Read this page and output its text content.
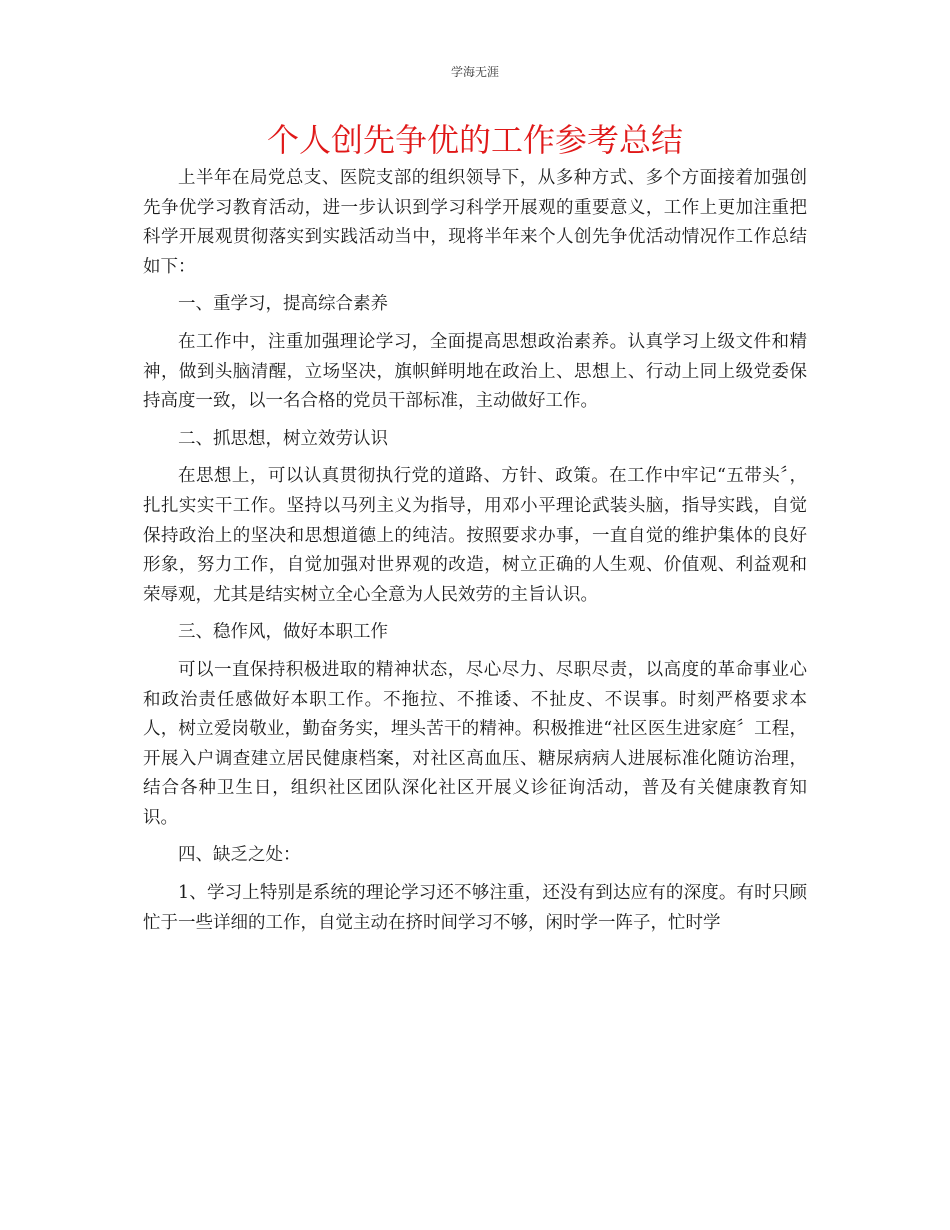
学海无涯
个人创先争优的工作参考总结

上半年在局党总支、医院支部的组织领导下，从多种方式、多个方面接着加强创先争优学习教育活动，进一步认识到学习科学开展观的重要意义，工作上更加注重把科学开展观贯彻落实到实践活动当中，现将半年来个人创先争优活动情况作工作总结如下：

一、重学习，提高综合素养

在工作中，注重加强理论学习，全面提高思想政治素养。认真学习上级文件和精神，做到头脑清醒，立场坚决，旗帜鲜明地在政治上、思想上、行动上同上级党委保持高度一致，以一名合格的党员干部标准，主动做好工作。

二、抓思想，树立效劳认识

在思想上，可以认真贯彻执行党的道路、方针、政策。在工作中牢记“五带头〞，扎扎实实干工作。坚持以马列主义为指导，用邓小平理论武装头脑，指导实践，自觉保持政治上的坚决和思想道德上的纯洁。按照要求办事，一直自觉的维护集体的良好形象，努力工作，自觉加强对世界观的改造，树立正确的人生观、价值观、利益观和荣辱观，尤其是结实树立全心全意为人民效劳的主旨认识。

三、稳作风，做好本职工作

可以一直保持积极进取的精神状态，尽心尽力、尽职尽责，以高度的革命事业心和政治责任感做好本职工作。不拖拉、不推诿、不扯皮、不误事。时刻严格要求本人，树立爱岗敬业，勤奋务实，埋头苦干的精神。积极推进“社区医生进家庭〞工程，开展入户调查建立居民健康档案，对社区高血压、糖尿病病人进展标准化随访治理，结合各种卫生日，组织社区团队深化社区开展义诊征询活动，普及有关健康教育知识。

四、缺乏之处：

1、学习上特别是系统的理论学习还不够注重，还没有到达应有的深度。有时只顾忙于一些详细的工作，自觉主动在挤时间学习不够，闲时学一阵子，忙时学
